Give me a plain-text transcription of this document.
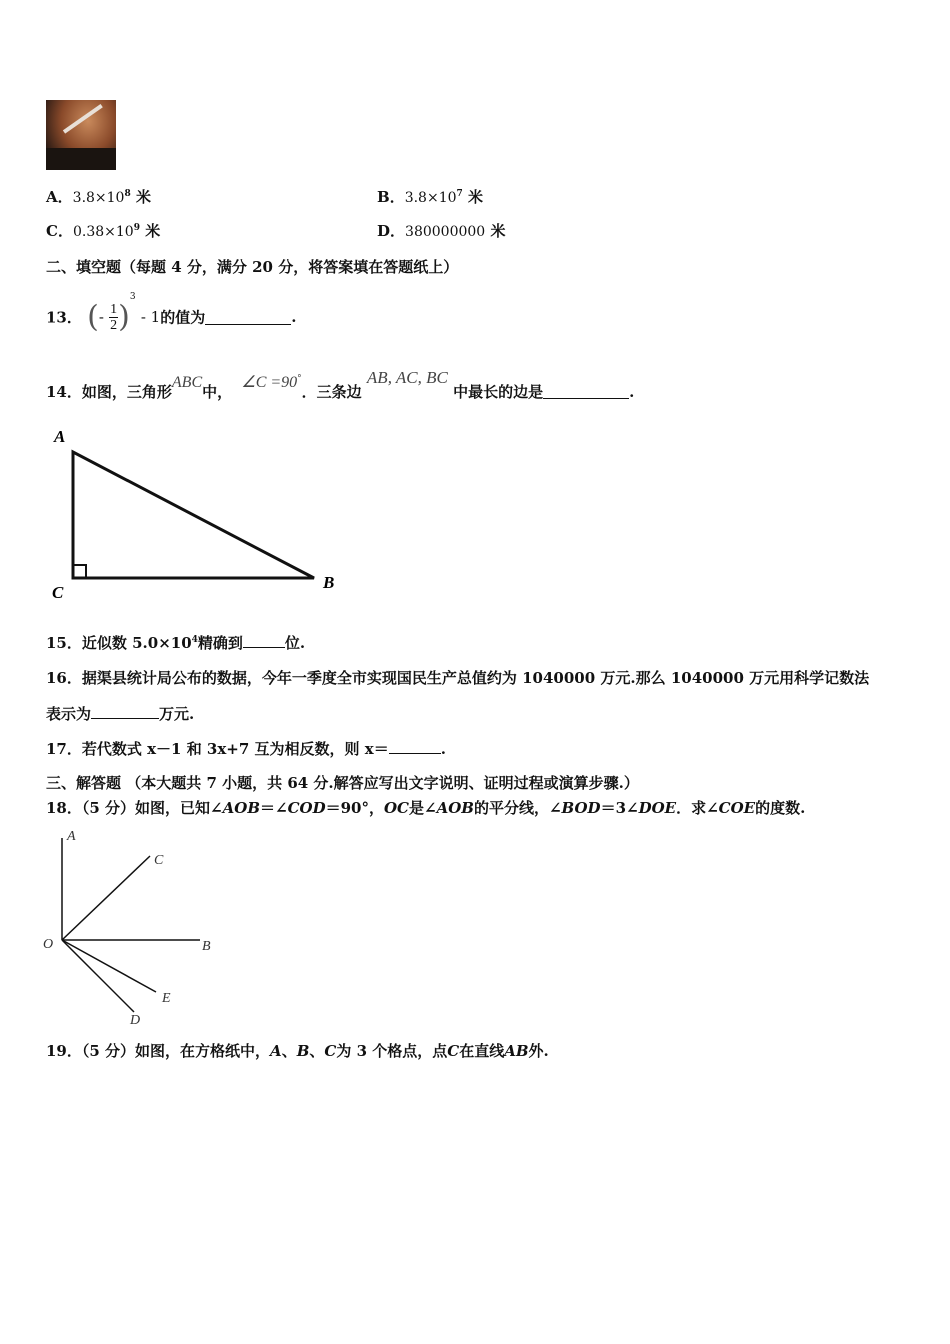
A．$3.8\times 10^8$ 米	B．$3.8\times 10^7$ 米
C．$0.38\times 10^9$ 米	D．380000000 米
二、填空题（每题 4 分，满分 20 分，将答案填在答题纸上）
13． (- $\frac{1}{2})^3 - 1$的值为	.
14．如图，三角形ABC中， ∠C =90°．三条边 AB, AC, BC 中最长的边是	.
A
C
B
15．近似数 $5.0\times 10^4$精确到	位.
16．据渠县统计局公布的数据，今年一季度全市实现国民生产总值约为 1040000 万元.那么 1040000 万元用科学记数法
表示为	万元.
17．若代数式 x－1 和 3x+7 互为相反数，则 x＝	.
三、解答题 （本大题共 7 小题，共 64 分.解答应写出文字说明、证明过程或演算步骤.）
18．（5 分）如图，已知∠AOB＝∠COD＝90°，OC是∠AOB的平分线，∠BOD＝3∠DOE．求∠COE的度数.
A
C
O	B
E
D
19．（5 分）如图，在方格纸中，A、B、C为 3 个格点，点C在直线AB外.
